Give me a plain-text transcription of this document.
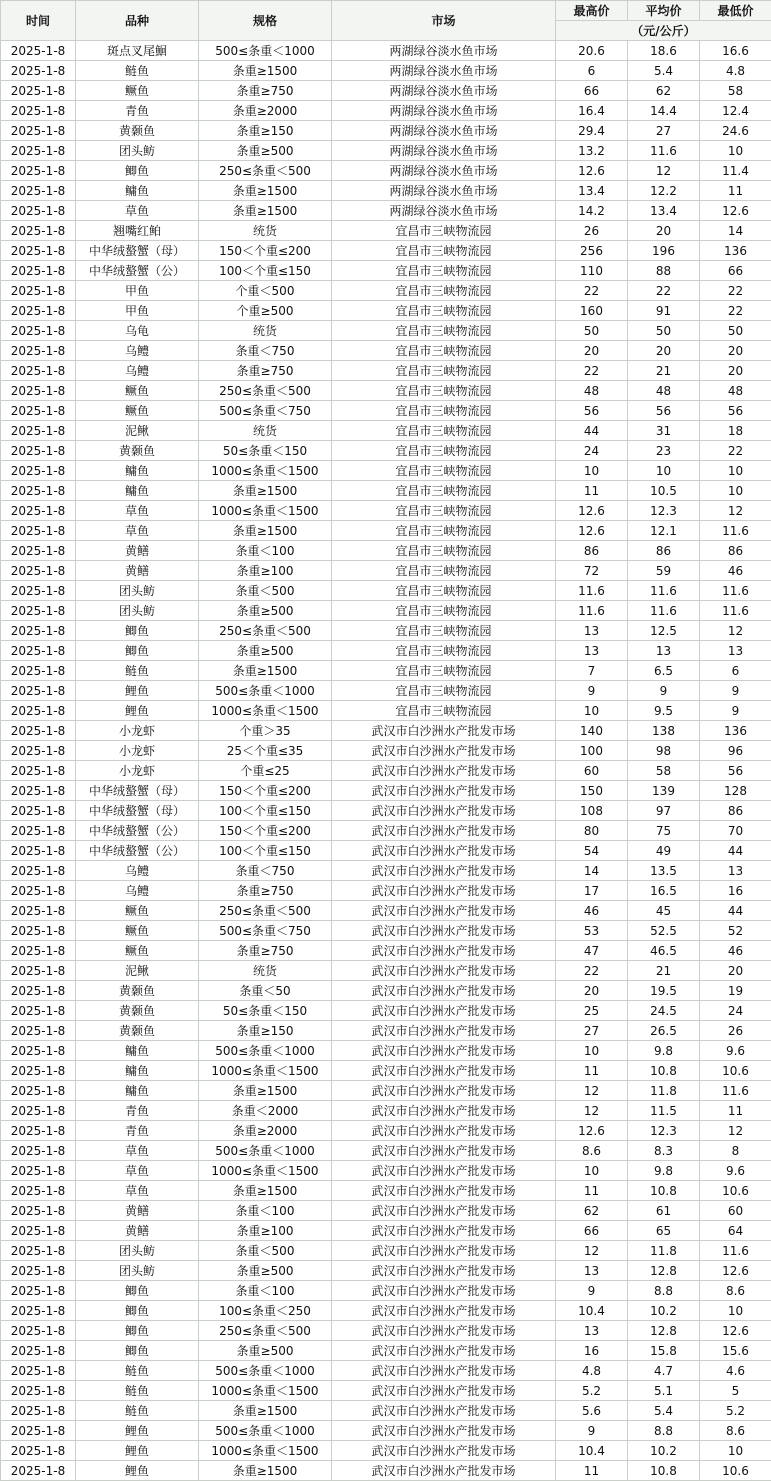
时间	品种	规格	市场	最高价	平均价	最低价
				（元/公斤）		
2025-1-8	斑点叉尾鮰	500≤条重＜1000	两湖绿谷淡水鱼市场	20.6	18.6	16.6
2025-1-8	鲢鱼	条重≥1500	两湖绿谷淡水鱼市场	6	5.4	4.8
2025-1-8	鳜鱼	条重≥750	两湖绿谷淡水鱼市场	66	62	58
2025-1-8	青鱼	条重≥2000	两湖绿谷淡水鱼市场	16.4	14.4	12.4
2025-1-8	黄颡鱼	条重≥150	两湖绿谷淡水鱼市场	29.4	27	24.6
2025-1-8	团头鲂	条重≥500	两湖绿谷淡水鱼市场	13.2	11.6	10
2025-1-8	鲫鱼	250≤条重＜500	两湖绿谷淡水鱼市场	12.6	12	11.4
2025-1-8	鳙鱼	条重≥1500	两湖绿谷淡水鱼市场	13.4	12.2	11
2025-1-8	草鱼	条重≥1500	两湖绿谷淡水鱼市场	14.2	13.4	12.6
2025-1-8	翘嘴红鲌	统货	宜昌市三峡物流园	26	20	14
2025-1-8	中华绒螯蟹（母）	150＜个重≤200	宜昌市三峡物流园	256	196	136
2025-1-8	中华绒螯蟹（公）	100＜个重≤150	宜昌市三峡物流园	110	88	66
2025-1-8	甲鱼	个重＜500	宜昌市三峡物流园	22	22	22
2025-1-8	甲鱼	个重≥500	宜昌市三峡物流园	160	91	22
2025-1-8	乌龟	统货	宜昌市三峡物流园	50	50	50
2025-1-8	乌鳢	条重＜750	宜昌市三峡物流园	20	20	20
2025-1-8	乌鳢	条重≥750	宜昌市三峡物流园	22	21	20
2025-1-8	鳜鱼	250≤条重＜500	宜昌市三峡物流园	48	48	48
2025-1-8	鳜鱼	500≤条重＜750	宜昌市三峡物流园	56	56	56
2025-1-8	泥鳅	统货	宜昌市三峡物流园	44	31	18
2025-1-8	黄颡鱼	50≤条重＜150	宜昌市三峡物流园	24	23	22
2025-1-8	鳙鱼	1000≤条重＜1500	宜昌市三峡物流园	10	10	10
2025-1-8	鳙鱼	条重≥1500	宜昌市三峡物流园	11	10.5	10
2025-1-8	草鱼	1000≤条重＜1500	宜昌市三峡物流园	12.6	12.3	12
2025-1-8	草鱼	条重≥1500	宜昌市三峡物流园	12.6	12.1	11.6
2025-1-8	黄鳝	条重＜100	宜昌市三峡物流园	86	86	86
2025-1-8	黄鳝	条重≥100	宜昌市三峡物流园	72	59	46
2025-1-8	团头鲂	条重＜500	宜昌市三峡物流园	11.6	11.6	11.6
2025-1-8	团头鲂	条重≥500	宜昌市三峡物流园	11.6	11.6	11.6
2025-1-8	鲫鱼	250≤条重＜500	宜昌市三峡物流园	13	12.5	12
2025-1-8	鲫鱼	条重≥500	宜昌市三峡物流园	13	13	13
2025-1-8	鲢鱼	条重≥1500	宜昌市三峡物流园	7	6.5	6
2025-1-8	鲤鱼	500≤条重＜1000	宜昌市三峡物流园	9	9	9
2025-1-8	鲤鱼	1000≤条重＜1500	宜昌市三峡物流园	10	9.5	9
2025-1-8	小龙虾	个重＞35	武汉市白沙洲水产批发市场	140	138	136
2025-1-8	小龙虾	25＜个重≤35	武汉市白沙洲水产批发市场	100	98	96
2025-1-8	小龙虾	个重≤25	武汉市白沙洲水产批发市场	60	58	56
2025-1-8	中华绒螯蟹（母）	150＜个重≤200	武汉市白沙洲水产批发市场	150	139	128
2025-1-8	中华绒螯蟹（母）	100＜个重≤150	武汉市白沙洲水产批发市场	108	97	86
2025-1-8	中华绒螯蟹（公）	150＜个重≤200	武汉市白沙洲水产批发市场	80	75	70
2025-1-8	中华绒螯蟹（公）	100＜个重≤150	武汉市白沙洲水产批发市场	54	49	44
2025-1-8	乌鳢	条重＜750	武汉市白沙洲水产批发市场	14	13.5	13
2025-1-8	乌鳢	条重≥750	武汉市白沙洲水产批发市场	17	16.5	16
2025-1-8	鳜鱼	250≤条重＜500	武汉市白沙洲水产批发市场	46	45	44
2025-1-8	鳜鱼	500≤条重＜750	武汉市白沙洲水产批发市场	53	52.5	52
2025-1-8	鳜鱼	条重≥750	武汉市白沙洲水产批发市场	47	46.5	46
2025-1-8	泥鳅	统货	武汉市白沙洲水产批发市场	22	21	20
2025-1-8	黄颡鱼	条重＜50	武汉市白沙洲水产批发市场	20	19.5	19
2025-1-8	黄颡鱼	50≤条重＜150	武汉市白沙洲水产批发市场	25	24.5	24
2025-1-8	黄颡鱼	条重≥150	武汉市白沙洲水产批发市场	27	26.5	26
2025-1-8	鳙鱼	500≤条重＜1000	武汉市白沙洲水产批发市场	10	9.8	9.6
2025-1-8	鳙鱼	1000≤条重＜1500	武汉市白沙洲水产批发市场	11	10.8	10.6
2025-1-8	鳙鱼	条重≥1500	武汉市白沙洲水产批发市场	12	11.8	11.6
2025-1-8	青鱼	条重＜2000	武汉市白沙洲水产批发市场	12	11.5	11
2025-1-8	青鱼	条重≥2000	武汉市白沙洲水产批发市场	12.6	12.3	12
2025-1-8	草鱼	500≤条重＜1000	武汉市白沙洲水产批发市场	8.6	8.3	8
2025-1-8	草鱼	1000≤条重＜1500	武汉市白沙洲水产批发市场	10	9.8	9.6
2025-1-8	草鱼	条重≥1500	武汉市白沙洲水产批发市场	11	10.8	10.6
2025-1-8	黄鳝	条重＜100	武汉市白沙洲水产批发市场	62	61	60
2025-1-8	黄鳝	条重≥100	武汉市白沙洲水产批发市场	66	65	64
2025-1-8	团头鲂	条重＜500	武汉市白沙洲水产批发市场	12	11.8	11.6
2025-1-8	团头鲂	条重≥500	武汉市白沙洲水产批发市场	13	12.8	12.6
2025-1-8	鲫鱼	条重＜100	武汉市白沙洲水产批发市场	9	8.8	8.6
2025-1-8	鲫鱼	100≤条重＜250	武汉市白沙洲水产批发市场	10.4	10.2	10
2025-1-8	鲫鱼	250≤条重＜500	武汉市白沙洲水产批发市场	13	12.8	12.6
2025-1-8	鲫鱼	条重≥500	武汉市白沙洲水产批发市场	16	15.8	15.6
2025-1-8	鲢鱼	500≤条重＜1000	武汉市白沙洲水产批发市场	4.8	4.7	4.6
2025-1-8	鲢鱼	1000≤条重＜1500	武汉市白沙洲水产批发市场	5.2	5.1	5
2025-1-8	鲢鱼	条重≥1500	武汉市白沙洲水产批发市场	5.6	5.4	5.2
2025-1-8	鲤鱼	500≤条重＜1000	武汉市白沙洲水产批发市场	9	8.8	8.6
2025-1-8	鲤鱼	1000≤条重＜1500	武汉市白沙洲水产批发市场	10.4	10.2	10
2025-1-8	鲤鱼	条重≥1500	武汉市白沙洲水产批发市场	11	10.8	10.6
